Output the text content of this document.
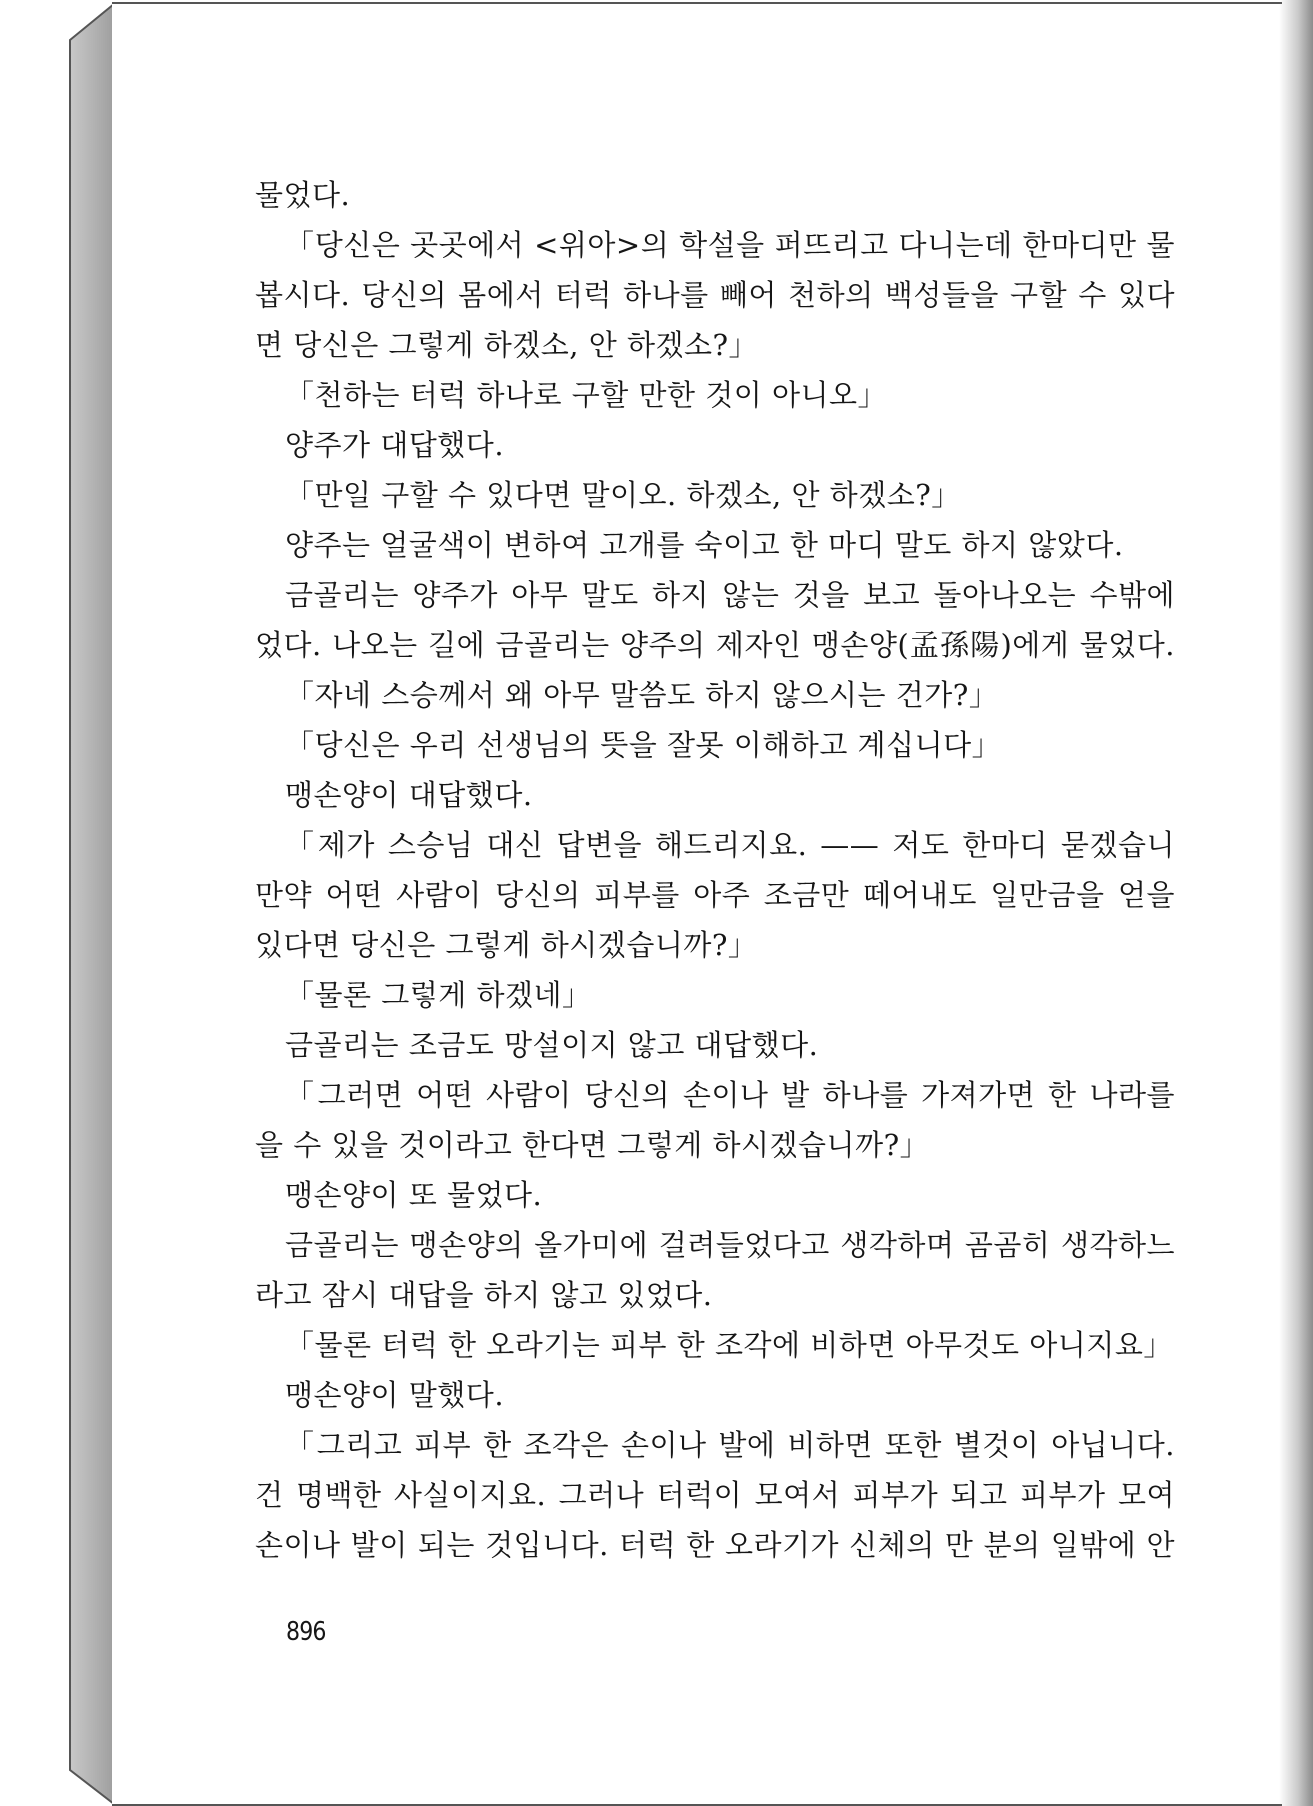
물었다.
「당신은 곳곳에서 <위아>의 학설을 퍼뜨리고 다니는데 한마디만 물
봅시다. 당신의 몸에서 터럭 하나를 빼어 천하의 백성들을 구할 수 있다
면 당신은 그렇게 하겠소, 안 하겠소?」
「천하는 터럭 하나로 구할 만한 것이 아니오」
양주가 대답했다.
「만일 구할 수 있다면 말이오. 하겠소, 안 하겠소?」
양주는 얼굴색이 변하여 고개를 숙이고 한 마디 말도 하지 않았다.
금골리는 양주가 아무 말도 하지 않는 것을 보고 돌아나오는 수밖에
었다. 나오는 길에 금골리는 양주의 제자인 맹손양(孟孫陽)에게 물었다.
「자네 스승께서 왜 아무 말씀도 하지 않으시는 건가?」
「당신은 우리 선생님의 뜻을 잘못 이해하고 계십니다」
맹손양이 대답했다.
「제가 스승님 대신 답변을 해드리지요. —— 저도 한마디 묻겠습니
만약 어떤 사람이 당신의 피부를 아주 조금만 떼어내도 일만금을 얻을
있다면 당신은 그렇게 하시겠습니까?」
「물론 그렇게 하겠네」
금골리는 조금도 망설이지 않고 대답했다.
「그러면 어떤 사람이 당신의 손이나 발 하나를 가져가면 한 나라를
을 수 있을 것이라고 한다면 그렇게 하시겠습니까?」
맹손양이 또 물었다.
금골리는 맹손양의 올가미에 걸려들었다고 생각하며 곰곰히 생각하느
라고 잠시 대답을 하지 않고 있었다.
「물론 터럭 한 오라기는 피부 한 조각에 비하면 아무것도 아니지요」
맹손양이 말했다.
「그리고 피부 한 조각은 손이나 발에 비하면 또한 별것이 아닙니다.
건 명백한 사실이지요. 그러나 터럭이 모여서 피부가 되고 피부가 모여
손이나 발이 되는 것입니다. 터럭 한 오라기가 신체의 만 분의 일밖에 안
896
